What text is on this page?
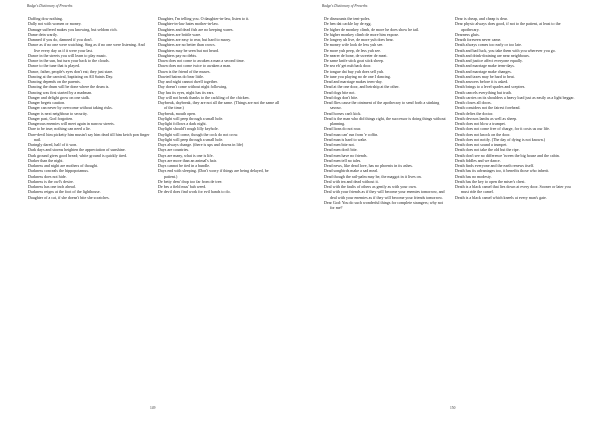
Badge's Dictionary of Proverbs

Daffing dow nothing.

Dally not with women or money.

Damage suffered makes you knowing, but seldom rich.

Dame dein warily.

Damned if you do, damned if you don't.

Dance as if no one were watching. Sing as if no one were listening. And live every day as if it were your last.

Dance in the streets you will learn to play music.

Dance in the sun, but turn your back to the clouds.

Dance to the tune that is played.

Dance, father, people's eyes don't eat; they just stare.

Dancing at the carnival, baptizing on All Saints Day.

Dancing depends on the parents.

Dancing the drum will be done where the drum is.

Dancing was first started by a madman.

Danger and delight grow on one stalk.

Danger begets caution.

Danger can never by overcome without taking risks.

Danger is next neighbour to security.

Danger past, God forgotten.

Dangerous enemies will meet again in narrow streets.

Dare to be true; nothing can need a lie.

Dare-devil him picketty him mustn't say him dead till him ketch pon finger nail.

Daringly dared, half of it won.

Dark days and storms heighten the appreciation of sunshine.

Dark ground gives good bread; white ground is quickly tired.

Darker than the night.

Darkness and night are mothers of thought.

Darkness conceals the hippopotamus.

Darkness does not hide.

Darkness is the owl's desire.

Darkness has one inch ahead.

Darkness reigns at the foot of the lighthouse.

Daughter of a cat, if she doesn't bite she scratches.

Daughter, I'm telling you. O daughter-in-law, listen to it.

Daughter-in-law hates mother-in-law.

Daughters and dead fish are no keeping wares.

Daughters are brittle ware.

Daughters are easy to rear, but hard to marry.

Daughters are no better than crows.

Daughters may be seen but not heard.

Daughters pay no debts.

Dawn does not come to awaken a man a second time.

Dawn does not come twice to awaken a man.

Dawn is the friend of the muses.

Dawted bairns do bear little.

Day and night cannot dwell together.

Day doesn't come without night following.

Day has its eyes, night has its ears.

Day will not break thanks to the cackling of the chicken.

Daybreak, daybreak, they are not all the same. (Things are not the same all of the time.)

Daybreak, mouth open.

Daylight will peep through a small hole.

Daylight follows a dark night.

Daylight should't rough lilly keyhole.

Daylight will come, though the cock do not crow.

Daylight will peep through a small hole.

Days always change. (there is ups and downs in life)

Days are countries.

Days are many, what is one is life.

Days are more than an animal's hair.

Days cannot be tied in a bundle.

Days end with sleeping. (Don't worry if things are being delayed, be patient.)

De betty dem' drop too far from de tree.

De bes a field mus' bah weed.

De devil does find work for evil hands to do.

149
Badge's Dictionary of Proverbs

De dismounts the tent-poles.

De hen dat cackle lay de egg.

De higher de monkey climb, de more he does show he tail.

De higher monkey climb de more him expose.

De longery uh live, de more yuh does hear.

De money wife look de less yuh see.

De more yuh peep, de less yuh see.

De nearer de bone, de sweeter de meat.

De same knife stick goat stick sheep.

De sea eh' get nuh back door.

De tongue dat buy yuh does sell yuh.

De tune you playing no de one I dancing.

Dead and marriage makes term-day.

Dead at the one door, and heirship at the other.

Dead dogs bite not.

Dead dogs don't bite.

Dead flies cause the ointment of the apothecary to send forth a stinking savour.

Dead horses can't kick.

Dead is the man who did things right, the successor is doing things without planning.

Dead lions do not roar.

Dead man can' run from 'e coffin.

Dead man is hard to wake.

Dead men bite not.

Dead men don't bite.

Dead men have no friends.

Dead men tell no tales.

Dead news, like dead love, has no phoenix in its ashes.

Dead songbirds make a sad meal.

Dead though the rail-palm may be, the maggot in it lives on.

Deal with tea and dead without it.

Deal with the faults of others as gently as with your own.

Deal with your friends as if they will become your enemies tomorrow, and deal with your enemies as if they will become your friends tomorrow.

Dear God: You do such wonderful things for complete strangers; why not for me?

Dear is cheap, and cheap is dear.

Dear physic always does good, if not to the patient, at least to the apothecary.

Dearness gluts.

Dearth foreseen never came.

Death always comes too early or too late.

Death and bad luck, you take them with you wherever you go.

Death and drink-draining are near neighbours.

Death and justice affect everyone equally.

Death and marriage make term-days.

Death and marriage make changes.

Death and taxes may be hard to beat.

Death answers before it is asked.

Death brings to a level spades and sceptres.

Death cancels everything but truth.

Death carries on its shoulders a heavy load just as easily as a light beggar.

Death closes all doors.

Death considers not the fairest forehead.

Death defies the doctor.

Death devours lambs as well as sheep.

Death does not blow a trumpet.

Death does not come free of charge, for it costs us our life.

Death does not knock on the door.

Death does not notify. (The day of dying is not known.)

Death does not sound a trumpet.

Death does not take the old but the ripe.

Death don't see no difference 'tween the big house and the cabin.

Death fiddles and we dance.

Death finds everyone and the earth renews itself.

Death has its advantages too, it benefits those who inherit.

Death has no modesty.

Death has the key to open the miser's chest.

Death is a black camel that lies down at every door. Sooner or later you must ride the camel.

Death is a black camel which kneels at every man's gate.

150
